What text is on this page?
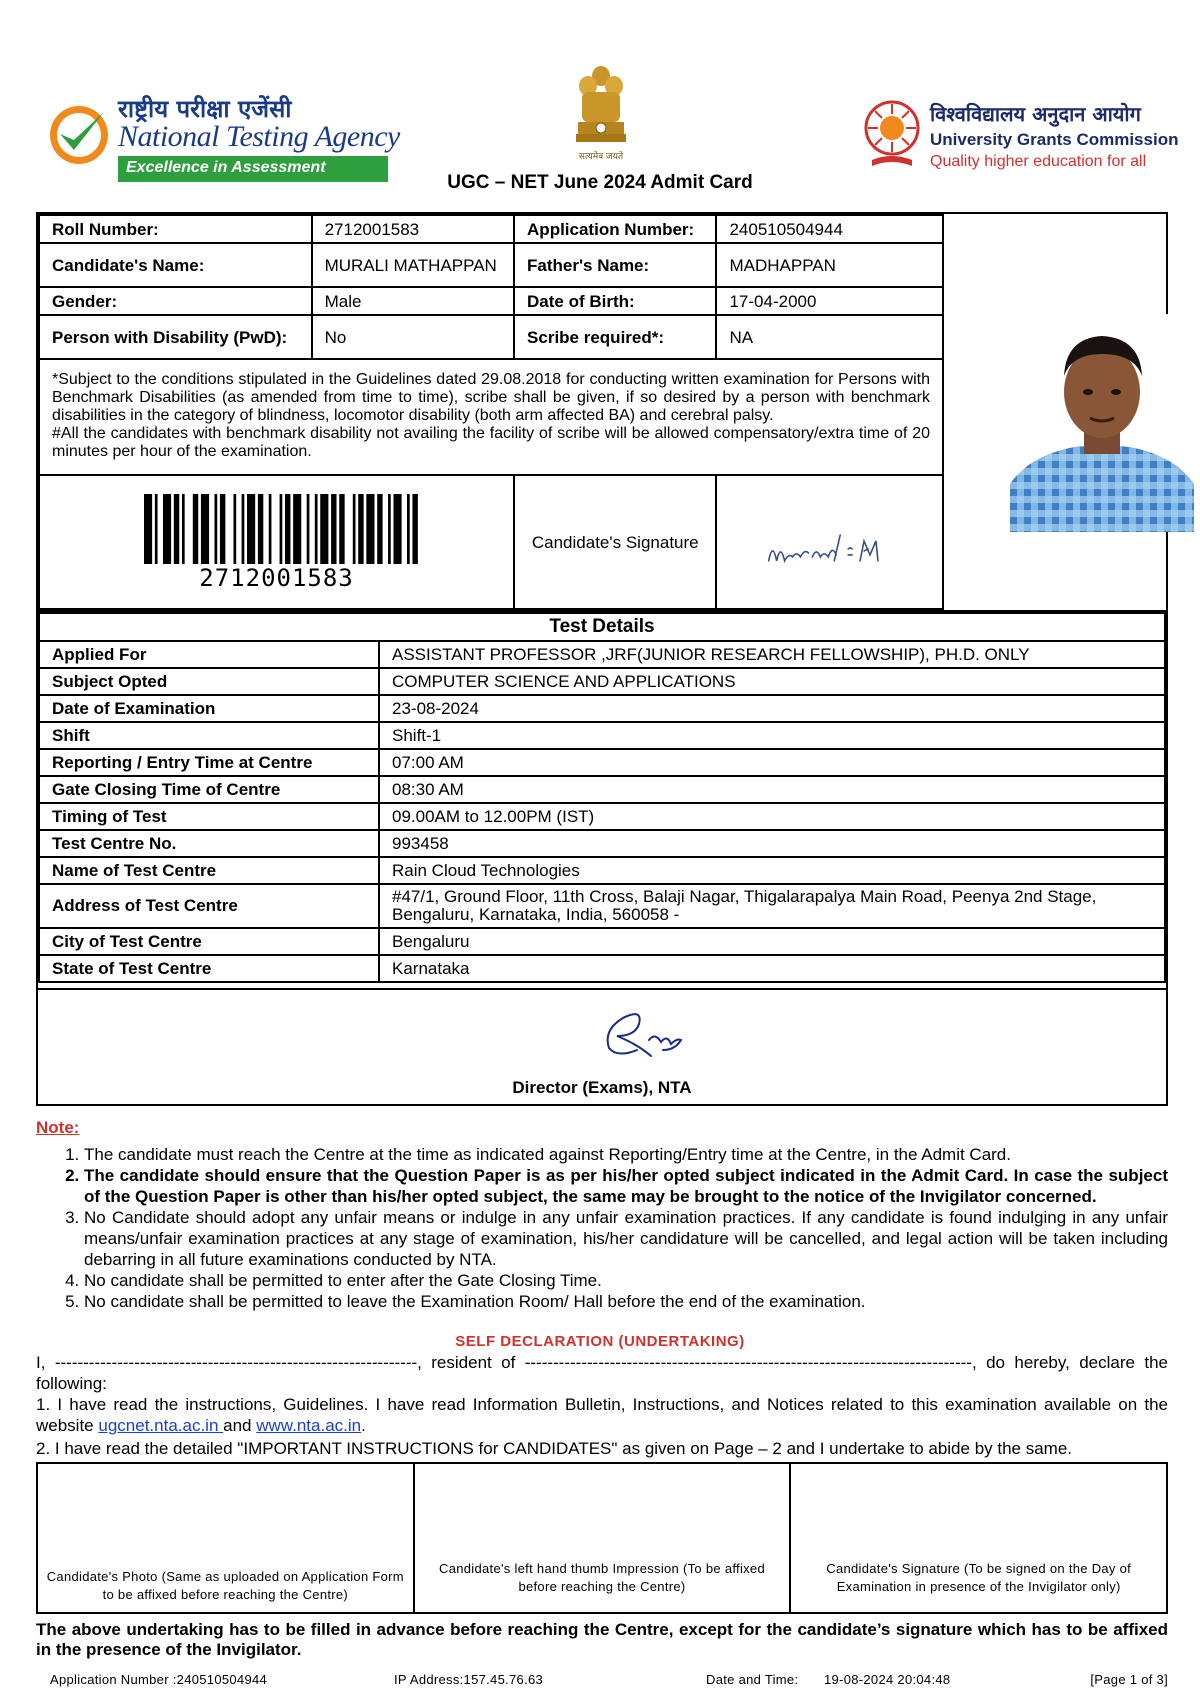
राष्ट्रीय परीक्षा एजेंसी
National Testing Agency
Excellence in Assessment
सत्यमेव जयते
विश्वविद्यालय अनुदान आयोग
University Grants Commission
Quality higher education for all
UGC – NET June 2024 Admit Card
Roll Number:	2712001583	Application Number:	240510504944
Candidate's Name:	MURALI MATHAPPAN	Father's Name:	MADHAPPAN
Gender:	Male	Date of Birth:	17-04-2000
Person with Disability (PwD):	No	Scribe required*:	NA

*Subject to the conditions stipulated in the Guidelines dated 29.08.2018 for conducting written examination for Persons with Benchmark Disabilities (as amended from time to time), scribe shall be given, if so desired by a person with benchmark disabilities in the category of blindness, locomotor disability (both arm affected BA) and cerebral palsy.
#All the candidates with benchmark disability not availing the facility of scribe will be allowed compensatory/extra time of 20 minutes per hour of the examination.			

2712001583		Candidate's Signature	
Test Details	
Applied For	ASSISTANT PROFESSOR ,JRF(JUNIOR RESEARCH FELLOWSHIP), PH.D. ONLY
Subject Opted	COMPUTER SCIENCE AND APPLICATIONS
Date of Examination	23-08-2024
Shift	Shift-1
Reporting / Entry Time at Centre	07:00 AM
Gate Closing Time of Centre	08:30 AM
Timing of Test	09.00AM to 12.00PM (IST)
Test Centre No.	993458
Name of Test Centre	Rain Cloud Technologies
Address of Test Centre	#47/1, Ground Floor, 11th Cross, Balaji Nagar, Thigalarapalya Main Road, Peenya 2nd Stage, Bengaluru, Karnataka, India, 560058 -
City of Test Centre	Bengaluru
State of Test Centre	Karnataka
Director (Exams), NTA
Note:
1. The candidate must reach the Centre at the time as indicated against Reporting/Entry time at the Centre, in the Admit Card.
2. The candidate should ensure that the Question Paper is as per his/her opted subject indicated in the Admit Card. In case the subject of the Question Paper is other than his/her opted subject, the same may be brought to the notice of the Invigilator concerned.
3. No Candidate should adopt any unfair means or indulge in any unfair examination practices. If any candidate is found indulging in any unfair means/unfair examination practices at any stage of examination, his/her candidature will be cancelled, and legal action will be taken including debarring in all future examinations conducted by NTA.
4. No candidate shall be permitted to enter after the Gate Closing Time.
5. No candidate shall be permitted to leave the Examination Room/ Hall before the end of the examination.
SELF DECLARATION (UNDERTAKING)
I, ----------------------------------------------------------------, resident of -------------------------------------------------------------------------------, do hereby, declare the following:
1. I have read the instructions, Guidelines. I have read Information Bulletin, Instructions, and Notices related to this examination available on the website ugcnet.nta.ac.in and www.nta.ac.in.
2. I have read the detailed "IMPORTANT INSTRUCTIONS for CANDIDATES" as given on Page – 2 and I undertake to abide by the same.
Candidate's Photo (Same as uploaded on Application Form to be affixed before reaching the Centre)
Candidate's left hand thumb Impression (To be affixed before reaching the Centre)
Candidate's Signature (To be signed on the Day of Examination in presence of the Invigilator only)
The above undertaking has to be filled in advance before reaching the Centre, except for the candidate’s signature which has to be affixed in the presence of the Invigilator.
Application Number :240510504944	IP Address:157.45.76.63	Date and Time: 19-08-2024 20:04:48	[Page 1 of 3]
